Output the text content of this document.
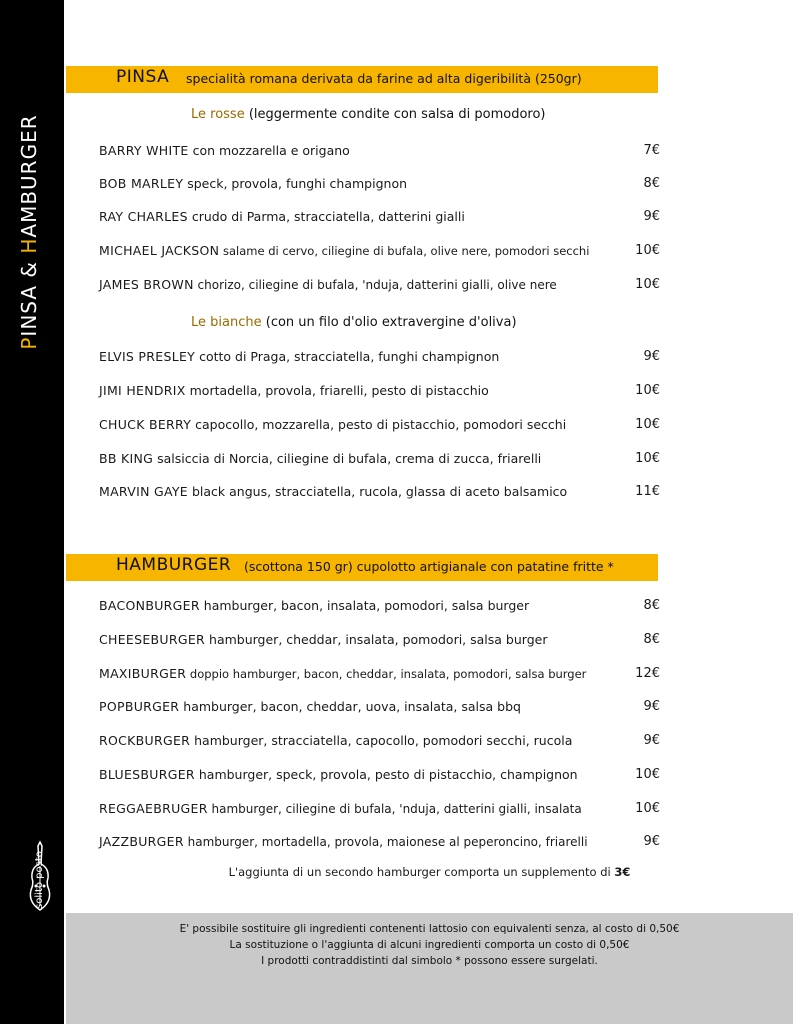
PINSA & HAMBURGER
solito posto
PINSA specialità romana derivata da farine ad alta digeribilità (250gr)
Le rosse (leggermente condite con salsa di pomodoro)
BARRY WHITE con mozzarella e origano	7€
BOB MARLEY speck, provola, funghi champignon	8€
RAY CHARLES crudo di Parma, stracciatella, datterini gialli	9€
MICHAEL JACKSON salame di cervo, ciliegine di bufala, olive nere, pomodori secchi	10€
JAMES BROWN chorizo, ciliegine di bufala, 'nduja, datterini gialli, olive nere	10€
Le bianche (con un filo d'olio extravergine d'oliva)
ELVIS PRESLEY cotto di Praga, stracciatella, funghi champignon	9€
JIMI HENDRIX mortadella, provola, friarelli, pesto di pistacchio	10€
CHUCK BERRY capocollo, mozzarella, pesto di pistacchio, pomodori secchi	10€
BB KING salsiccia di Norcia, ciliegine di bufala, crema di zucca, friarelli	10€
MARVIN GAYE black angus, stracciatella, rucola, glassa di aceto balsamico	11€
HAMBURGER (scottona 150 gr) cupolotto artigianale con patatine fritte *
BACONBURGER hamburger, bacon, insalata, pomodori, salsa burger	8€
CHEESEBURGER hamburger, cheddar, insalata, pomodori, salsa burger	8€
MAXIBURGER doppio hamburger, bacon, cheddar, insalata, pomodori, salsa burger	12€
POPBURGER hamburger, bacon, cheddar, uova, insalata, salsa bbq	9€
ROCKBURGER hamburger, stracciatella, capocollo, pomodori secchi, rucola	9€
BLUESBURGER hamburger, speck, provola, pesto di pistacchio, champignon	10€
REGGAEBRUGER hamburger, ciliegine di bufala, 'nduja, datterini gialli, insalata	10€
JAZZBURGER hamburger, mortadella, provola, maionese al peperoncino, friarelli	9€
L'aggiunta di un secondo hamburger comporta un supplemento di 3€
E' possibile sostituire gli ingredienti contenenti lattosio con equivalenti senza, al costo di 0,50€
La sostituzione o l'aggiunta di alcuni ingredienti comporta un costo di 0,50€
I prodotti contraddistinti dal simbolo * possono essere surgelati.
